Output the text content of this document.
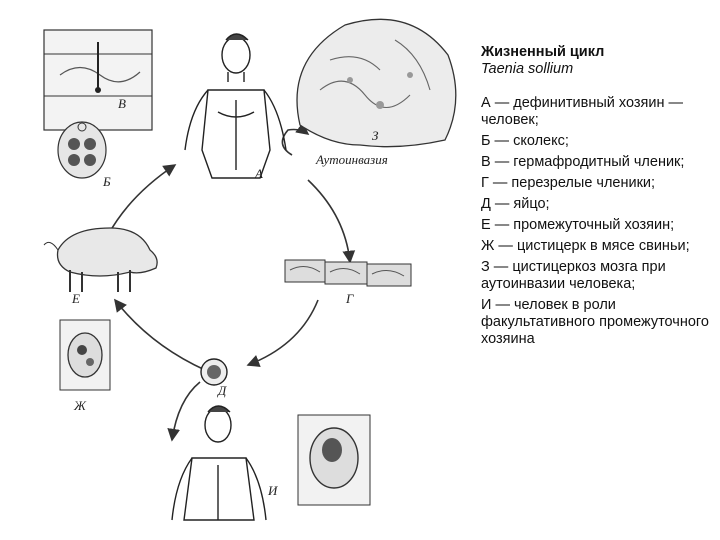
В
Б
А
З
Аутоинвазия
Г
Д
Е
Ж
И
Жизненный цикл
Taenia sollium
А — дефинитивный хозяин — человек;
Б — сколекс;
В — гермафродитный членик;
Г — перезрелые членики;
Д — яйцо;
Е — промежуточный хозяин;
Ж — цистицерк в мясе свиньи;
З — цистицеркоз мозга при аутоинвазии человека;
И — человек в роли факультативного промежуточного хозяина
